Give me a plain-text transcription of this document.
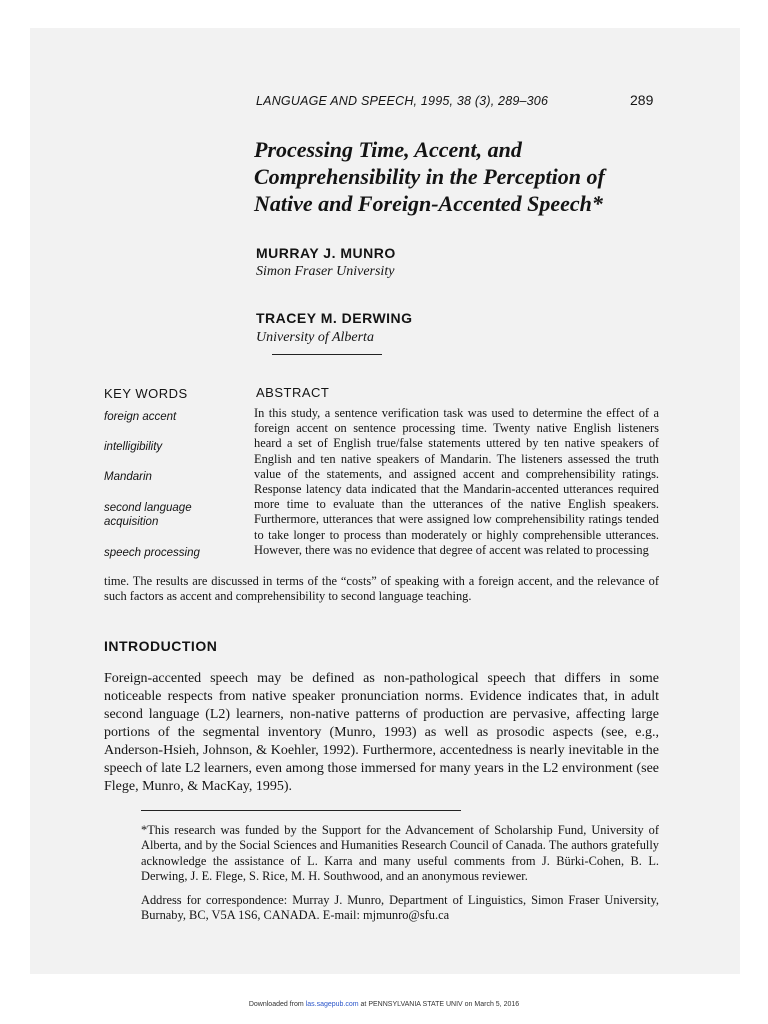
LANGUAGE AND SPEECH, 1995, 38 (3), 289–306	289
Processing Time, Accent, and
Comprehensibility in the Perception of
Native and Foreign-Accented Speech*
MURRAY J. MUNRO
Simon Fraser University
TRACEY M. DERWING
University of Alberta
KEY WORDS	ABSTRACT
foreign accent
intelligibility
Mandarin
second language
acquisition
speech processing
In this study, a sentence verification task was used to determine the effect of a foreign accent on sentence processing time. Twenty native English listeners heard a set of English true/false statements uttered by ten native speakers of English and ten native speakers of Mandarin. The listeners assessed the truth value of the statements, and assigned accent and comprehensibility ratings. Response latency data indicated that the Mandarin-accented utterances required more time to evaluate than the utterances of the native English speakers. Furthermore, utterances that were assigned low comprehensibility ratings tended to take longer to process than moderately or highly comprehensible utterances. However, there was no evidence that degree of accent was related to processing
time. The results are discussed in terms of the “costs” of speaking with a foreign accent, and the relevance of such factors as accent and comprehensibility to second language teaching.
INTRODUCTION
Foreign-accented speech may be defined as non-pathological speech that differs in some noticeable respects from native speaker pronunciation norms. Evidence indicates that, in adult second language (L2) learners, non-native patterns of production are pervasive, affecting large portions of the segmental inventory (Munro, 1993) as well as prosodic aspects (see, e.g., Anderson-Hsieh, Johnson, & Koehler, 1992). Furthermore, accentedness is nearly inevitable in the speech of late L2 learners, even among those immersed for many years in the L2 environment (see Flege, Munro, & MacKay, 1995).
*This research was funded by the Support for the Advancement of Scholarship Fund, University of Alberta, and by the Social Sciences and Humanities Research Council of Canada. The authors gratefully acknowledge the assistance of L. Karra and many useful comments from J. Bürki-Cohen, B. L. Derwing, J. E. Flege, S. Rice, M. H. Southwood, and an anonymous reviewer.
Address for correspondence: Murray J. Munro, Department of Linguistics, Simon Fraser University, Burnaby, BC, V5A 1S6, CANADA. E-mail: mjmunro@sfu.ca
Downloaded from las.sagepub.com at PENNSYLVANIA STATE UNIV on March 5, 2016
